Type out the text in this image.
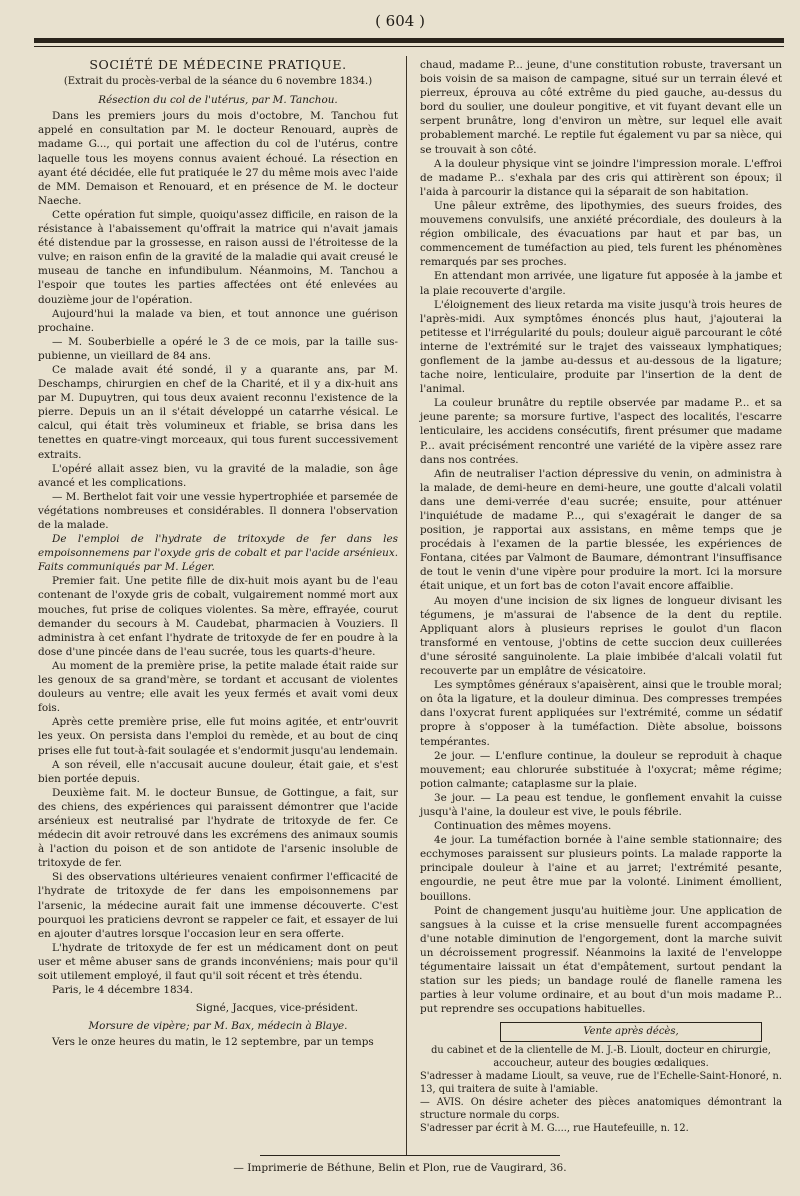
( 604 )

SOCIÉTÉ DE MÉDECINE PRATIQUE.

(Extrait du procès-verbal de la séance du 6 novembre 1834.)

Résection du col de l'utérus, par M. Tanchou.

Dans les premiers jours du mois d'octobre, M. Tanchou fut appelé en consultation par M. le docteur Renouard, auprès de madame G..., qui portait une affection du col de l'utérus, contre laquelle tous les moyens connus avaient échoué. La résection en ayant été décidée, elle fut pratiquée le 27 du même mois avec l'aide de MM. Demaison et Renouard, et en présence de M. le docteur Naeche.

Cette opération fut simple, quoiqu'assez difficile, en raison de la résistance à l'abaissement qu'offrait la matrice qui n'avait jamais été distendue par la grossesse, en raison aussi de l'étroitesse de la vulve; en raison enfin de la gravité de la maladie qui avait creusé le museau de tanche en infundibulum. Néanmoins, M. Tanchou a l'espoir que toutes les parties affectées ont été enlevées au douzième jour de l'opération.

Aujourd'hui la malade va bien, et tout annonce une guérison prochaine.

— M. Souberbielle a opéré le 3 de ce mois, par la taille sus-pubienne, un vieillard de 84 ans.

Ce malade avait été sondé, il y a quarante ans, par M. Deschamps, chirurgien en chef de la Charité, et il y a dix-huit ans par M. Dupuytren, qui tous deux avaient reconnu l'existence de la pierre. Depuis un an il s'était développé un catarrhe vésical. Le calcul, qui était très volumineux et friable, se brisa dans les tenettes en quatre-vingt morceaux, qui tous furent successivement extraits.

L'opéré allait assez bien, vu la gravité de la maladie, son âge avancé et les complications.

— M. Berthelot fait voir une vessie hypertrophiée et parsemée de végétations nombreuses et considérables. Il donnera l'observation de la malade.

De l'emploi de l'hydrate de tritoxyde de fer dans les empoisonnemens par l'oxyde gris de cobalt et par l'acide arsénieux. Faits communiqués par M. Léger.

Premier fait. Une petite fille de dix-huit mois ayant bu de l'eau contenant de l'oxyde gris de cobalt, vulgairement nommé mort aux mouches, fut prise de coliques violentes. Sa mère, effrayée, courut demander du secours à M. Caudebat, pharmacien à Vouziers. Il administra à cet enfant l'hydrate de tritoxyde de fer en poudre à la dose d'une pincée dans de l'eau sucrée, tous les quarts-d'heure.

Au moment de la première prise, la petite malade était raide sur les genoux de sa grand'mère, se tordant et accusant de violentes douleurs au ventre; elle avait les yeux fermés et avait vomi deux fois.

Après cette première prise, elle fut moins agitée, et entr'ouvrit les yeux. On persista dans l'emploi du remède, et au bout de cinq prises elle fut tout-à-fait soulagée et s'endormit jusqu'au lendemain.

A son réveil, elle n'accusait aucune douleur, était gaie, et s'est bien portée depuis.

Deuxième fait. M. le docteur Bunsue, de Gottingue, a fait, sur des chiens, des expériences qui paraissent démontrer que l'acide arsénieux est neutralisé par l'hydrate de tritoxyde de fer. Ce médecin dit avoir retrouvé dans les excrémens des animaux soumis à l'action du poison et de son antidote de l'arsenic insoluble de tritoxyde de fer.

Si des observations ultérieures venaient confirmer l'efficacité de l'hydrate de tritoxyde de fer dans les empoisonnemens par l'arsenic, la médecine aurait fait une immense découverte. C'est pourquoi les praticiens devront se rappeler ce fait, et essayer de lui en ajouter d'autres lorsque l'occasion leur en sera offerte.

L'hydrate de tritoxyde de fer est un médicament dont on peut user et même abuser sans de grands inconvéniens; mais pour qu'il soit utilement employé, il faut qu'il soit récent et très étendu.

Paris, le 4 décembre 1834.

Signé, Jacques, vice-président.

Morsure de vipère; par M. Bax, médecin à Blaye.

Vers le onze heures du matin, le 12 septembre, par un temps

chaud, madame P... jeune, d'une constitution robuste, traversant un bois voisin de sa maison de campagne, situé sur un terrain élevé et pierreux, éprouva au côté extrême du pied gauche, au-dessus du bord du soulier, une douleur pongitive, et vit fuyant devant elle un serpent brunâtre, long d'environ un mètre, sur lequel elle avait probablement marché. Le reptile fut également vu par sa nièce, qui se trouvait à son côté.

A la douleur physique vint se joindre l'impression morale. L'effroi de madame P... s'exhala par des cris qui attirèrent son époux; il l'aida à parcourir la distance qui la séparait de son habitation.

Une pâleur extrême, des lipothymies, des sueurs froides, des mouvemens convulsifs, une anxiété précordiale, des douleurs à la région ombilicale, des évacuations par haut et par bas, un commencement de tuméfaction au pied, tels furent les phénomènes remarqués par ses proches.

En attendant mon arrivée, une ligature fut apposée à la jambe et la plaie recouverte d'argile.

L'éloignement des lieux retarda ma visite jusqu'à trois heures de l'après-midi. Aux symptômes énoncés plus haut, j'ajouterai la petitesse et l'irrégularité du pouls; douleur aiguë parcourant le côté interne de l'extrémité sur le trajet des vaisseaux lymphatiques; gonflement de la jambe au-dessus et au-dessous de la ligature; tache noire, lenticulaire, produite par l'insertion de la dent de l'animal.

La couleur brunâtre du reptile observée par madame P... et sa jeune parente; sa morsure furtive, l'aspect des localités, l'escarre lenticulaire, les accidens consécutifs, firent présumer que madame P... avait précisément rencontré une variété de la vipère assez rare dans nos contrées.

Afin de neutraliser l'action dépressive du venin, on administra à la malade, de demi-heure en demi-heure, une goutte d'alcali volatil dans une demi-verrée d'eau sucrée; ensuite, pour atténuer l'inquiétude de madame P..., qui s'exagérait le danger de sa position, je rapportai aux assistans, en même temps que je procédais à l'examen de la partie blessée, les expériences de Fontana, citées par Valmont de Baumare, démontrant l'insuffisance de tout le venin d'une vipère pour produire la mort. Ici la morsure était unique, et un fort bas de coton l'avait encore affaiblie.

Au moyen d'une incision de six lignes de longueur divisant les tégumens, je m'assurai de l'absence de la dent du reptile. Appliquant alors à plusieurs reprises le goulot d'un flacon transformé en ventouse, j'obtins de cette succion deux cuillerées d'une sérosité sanguinolente. La plaie imbibée d'alcali volatil fut recouverte par un emplâtre de vésicatoire.

Les symptômes généraux s'apaisèrent, ainsi que le trouble moral; on ôta la ligature, et la douleur diminua. Des compresses trempées dans l'oxycrat furent appliquées sur l'extrémité, comme un sédatif propre à s'opposer à la tuméfaction. Diète absolue, boissons tempérantes.

2e jour. — L'enflure continue, la douleur se reproduit à chaque mouvement; eau chlorurée substituée à l'oxycrat; même régime; potion calmante; cataplasme sur la plaie.

3e jour. — La peau est tendue, le gonflement envahit la cuisse jusqu'à l'aine, la douleur est vive, le pouls fébrile.

Continuation des mêmes moyens.

4e jour. La tuméfaction bornée à l'aine semble stationnaire; des ecchymoses paraissent sur plusieurs points. La malade rapporte la principale douleur à l'aine et au jarret; l'extrémité pesante, engourdie, ne peut être mue par la volonté. Liniment émollient, bouillons.

Point de changement jusqu'au huitième jour. Une application de sangsues à la cuisse et la crise mensuelle furent accompagnées d'une notable diminution de l'engorgement, dont la marche suivit un décroissement progressif. Néanmoins la laxité de l'enveloppe tégumentaire laissait un état d'empâtement, surtout pendant la station sur les pieds; un bandage roulé de flanelle ramena les parties à leur volume ordinaire, et au bout d'un mois madame P... put reprendre ses occupations habituelles.

Vente après décès,

du cabinet et de la clientelle de M. J.-B. Lioult, docteur en chirurgie, accoucheur, auteur des bougies œdaliques.

S'adresser à madame Lioult, sa veuve, rue de l'Echelle-Saint-Honoré, n. 13, qui traitera de suite à l'amiable.

— AVIS. On désire acheter des pièces anatomiques démontrant la structure normale du corps.

S'adresser par écrit à M. G...., rue Hautefeuille, n. 12.

— Imprimerie de Béthune, Belin et Plon, rue de Vaugirard, 36.
